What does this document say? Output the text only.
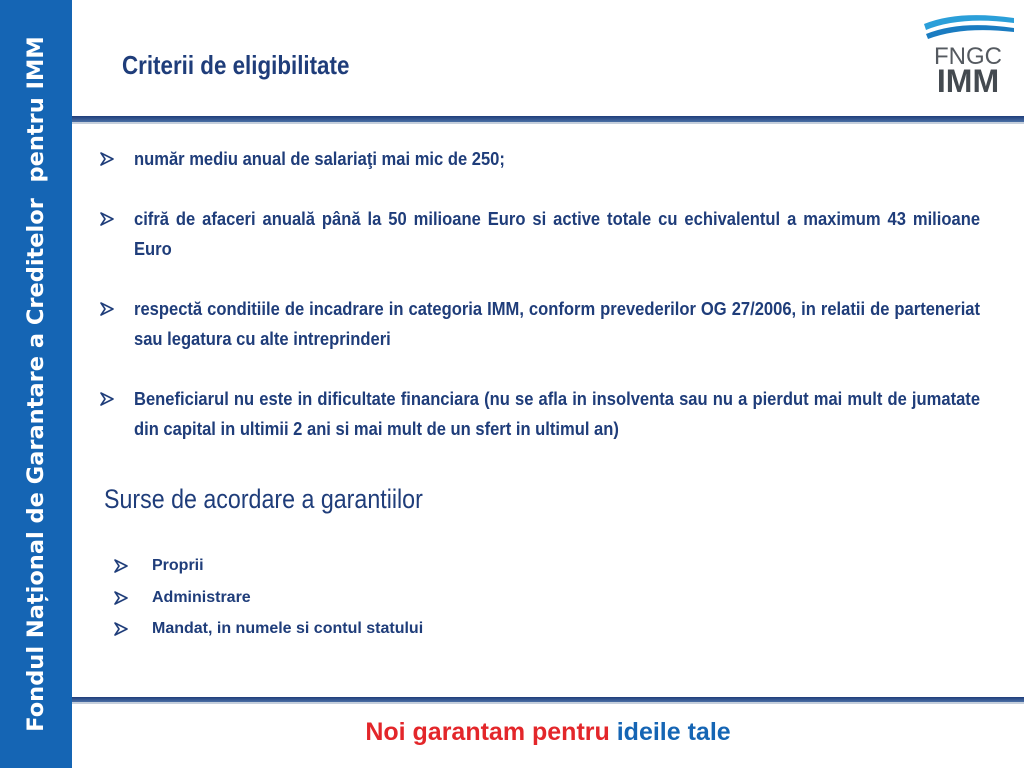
Fondul Național de Garantare a Creditelor  pentru IMM	Criterii de eligibilitate	FNGC
IMM
număr mediu anual de salariaţi mai mic de 250;
cifră de afaceri anuală până la 50 milioane Euro si active totale cu echivalentul a maximum 43 milioane Euro
respectă conditiile de incadrare in categoria IMM, conform prevederilor OG 27/2006, in relatii de parteneriat sau legatura cu alte intreprinderi
Beneficiarul nu este in dificultate financiara (nu se afla in insolventa sau nu a pierdut mai mult de jumatate din capital in ultimii 2 ani si mai mult de un sfert in ultimul an)
Surse de acordare a garantiilor
Proprii
Administrare
Mandat, in numele si contul statului
Noi garantam pentru ideile tale
